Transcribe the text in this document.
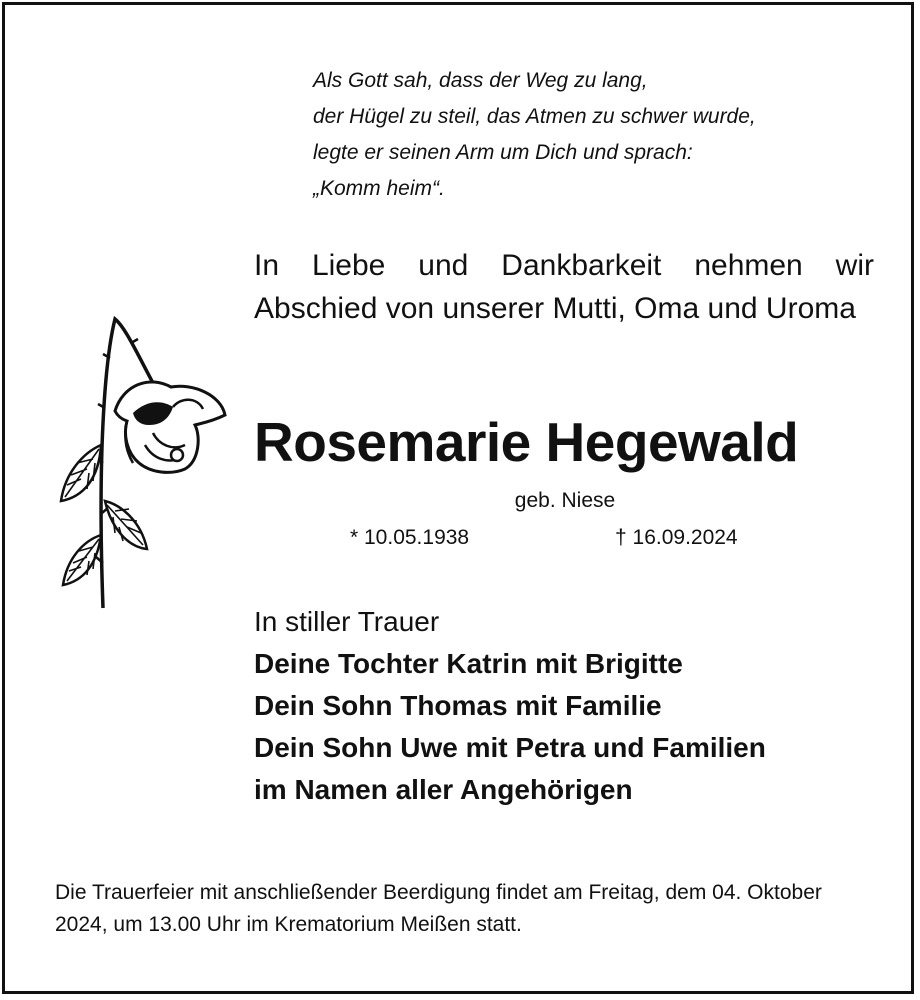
Als Gott sah, dass der Weg zu lang,
der Hügel zu steil, das Atmen zu schwer wurde,
legte er seinen Arm um Dich und sprach:
„Komm heim“.
In Liebe und Dankbarkeit nehmen wir Abschied von unserer Mutti, Oma und Uroma
Rosemarie Hegewald
geb. Niese
* 10.05.1938	† 16.09.2024
In stiller Trauer
Deine Tochter Katrin mit Brigitte
Dein Sohn Thomas mit Familie
Dein Sohn Uwe mit Petra und Familien
im Namen aller Angehörigen
Die Trauerfeier mit anschließender Beerdigung findet am Freitag, dem 04. Oktober 2024, um 13.00 Uhr im Krematorium Meißen statt.
